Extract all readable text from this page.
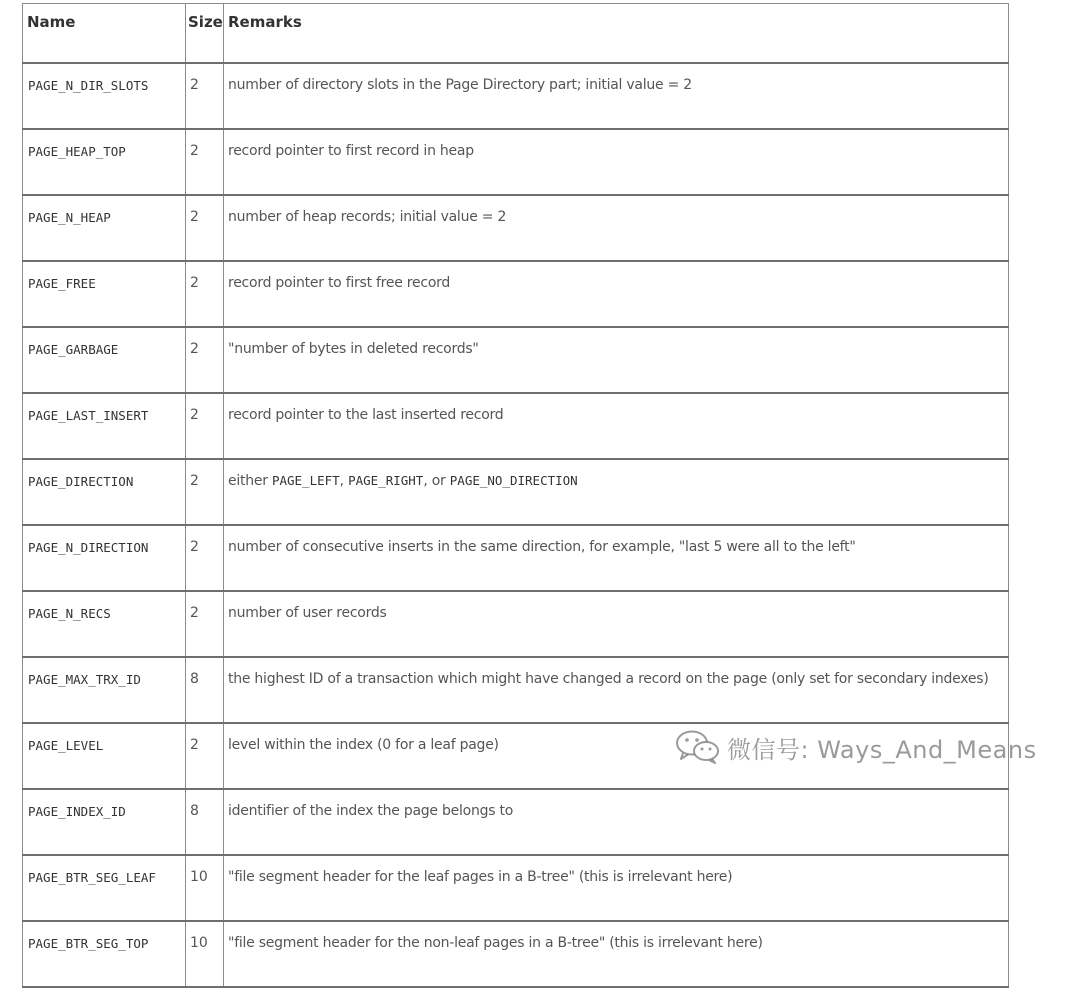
Name	Size	Remarks
PAGE_N_DIR_SLOTS	2	number of directory slots in the Page Directory part; initial value = 2
PAGE_HEAP_TOP	2	record pointer to first record in heap
PAGE_N_HEAP	2	number of heap records; initial value = 2
PAGE_FREE	2	record pointer to first free record
PAGE_GARBAGE	2	"number of bytes in deleted records"
PAGE_LAST_INSERT	2	record pointer to the last inserted record
PAGE_DIRECTION	2	either PAGE_LEFT, PAGE_RIGHT, or PAGE_NO_DIRECTION
PAGE_N_DIRECTION	2	number of consecutive inserts in the same direction, for example, "last 5 were all to the left"
PAGE_N_RECS	2	number of user records
PAGE_MAX_TRX_ID	8	the highest ID of a transaction which might have changed a record on the page (only set for secondary indexes)
PAGE_LEVEL	2	level within the index (0 for a leaf page)
PAGE_INDEX_ID	8	identifier of the index the page belongs to
PAGE_BTR_SEG_LEAF	10	"file segment header for the leaf pages in a B-tree" (this is irrelevant here)
PAGE_BTR_SEG_TOP	10	"file segment header for the non-leaf pages in a B-tree" (this is irrelevant here)
微信号: Ways_And_Means
